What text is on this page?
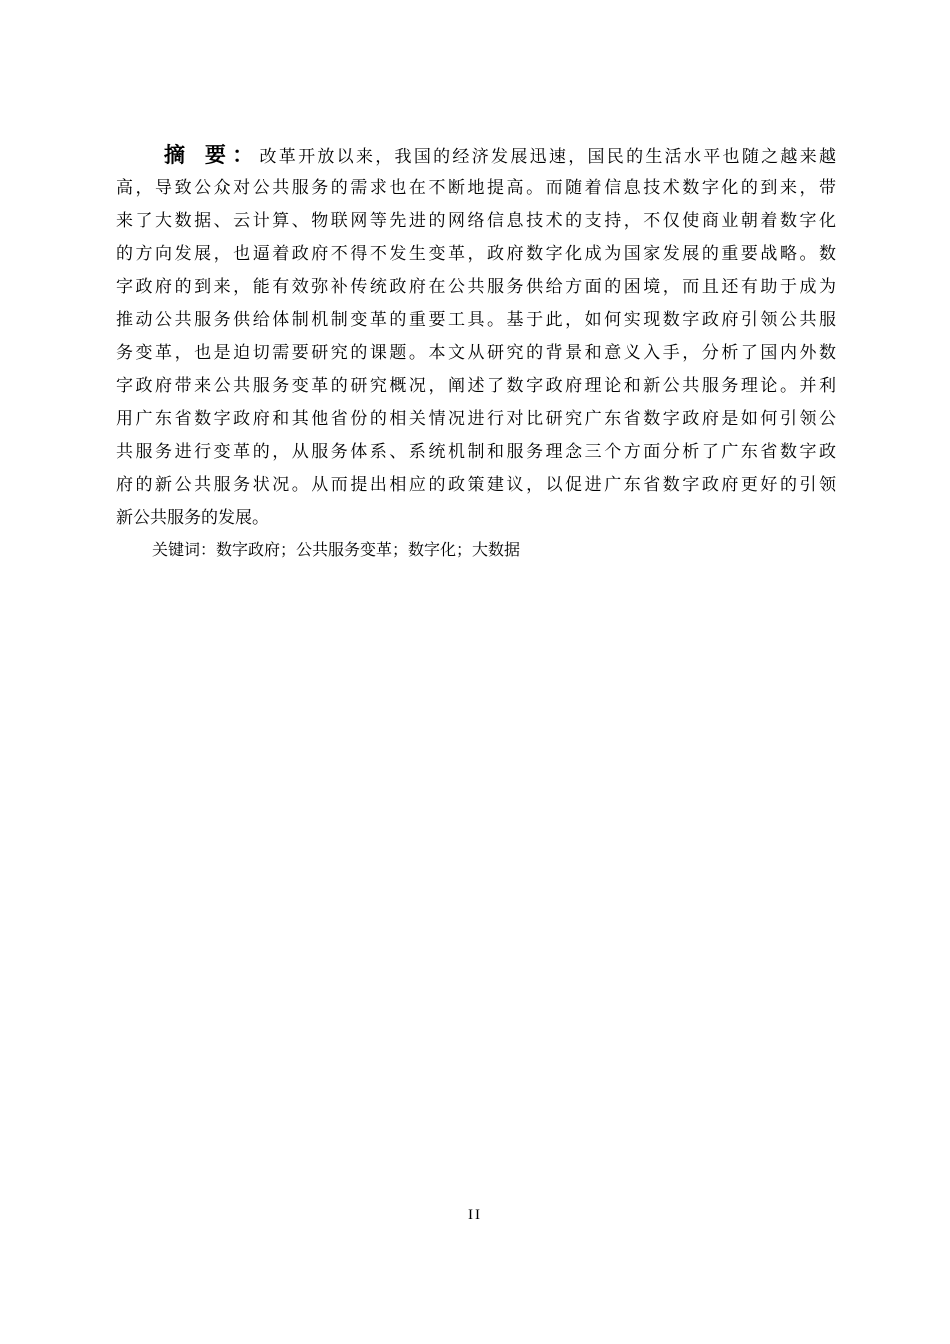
摘 要：改革开放以来，我国的经济发展迅速，国民的生活水平也随之越来越
高，导致公众对公共服务的需求也在不断地提高。而随着信息技术数字化的到来，带
来了大数据、云计算、物联网等先进的网络信息技术的支持，不仅使商业朝着数字化
的方向发展，也逼着政府不得不发生变革，政府数字化成为国家发展的重要战略。数
字政府的到来，能有效弥补传统政府在公共服务供给方面的困境，而且还有助于成为
推动公共服务供给体制机制变革的重要工具。基于此，如何实现数字政府引领公共服
务变革，也是迫切需要研究的课题。本文从研究的背景和意义入手，分析了国内外数
字政府带来公共服务变革的研究概况，阐述了数字政府理论和新公共服务理论。并利
用广东省数字政府和其他省份的相关情况进行对比研究广东省数字政府是如何引领公
共服务进行变革的，从服务体系、系统机制和服务理念三个方面分析了广东省数字政
府的新公共服务状况。从而提出相应的政策建议，以促进广东省数字政府更好的引领
新公共服务的发展。
关键词：数字政府；公共服务变革；数字化；大数据
II
